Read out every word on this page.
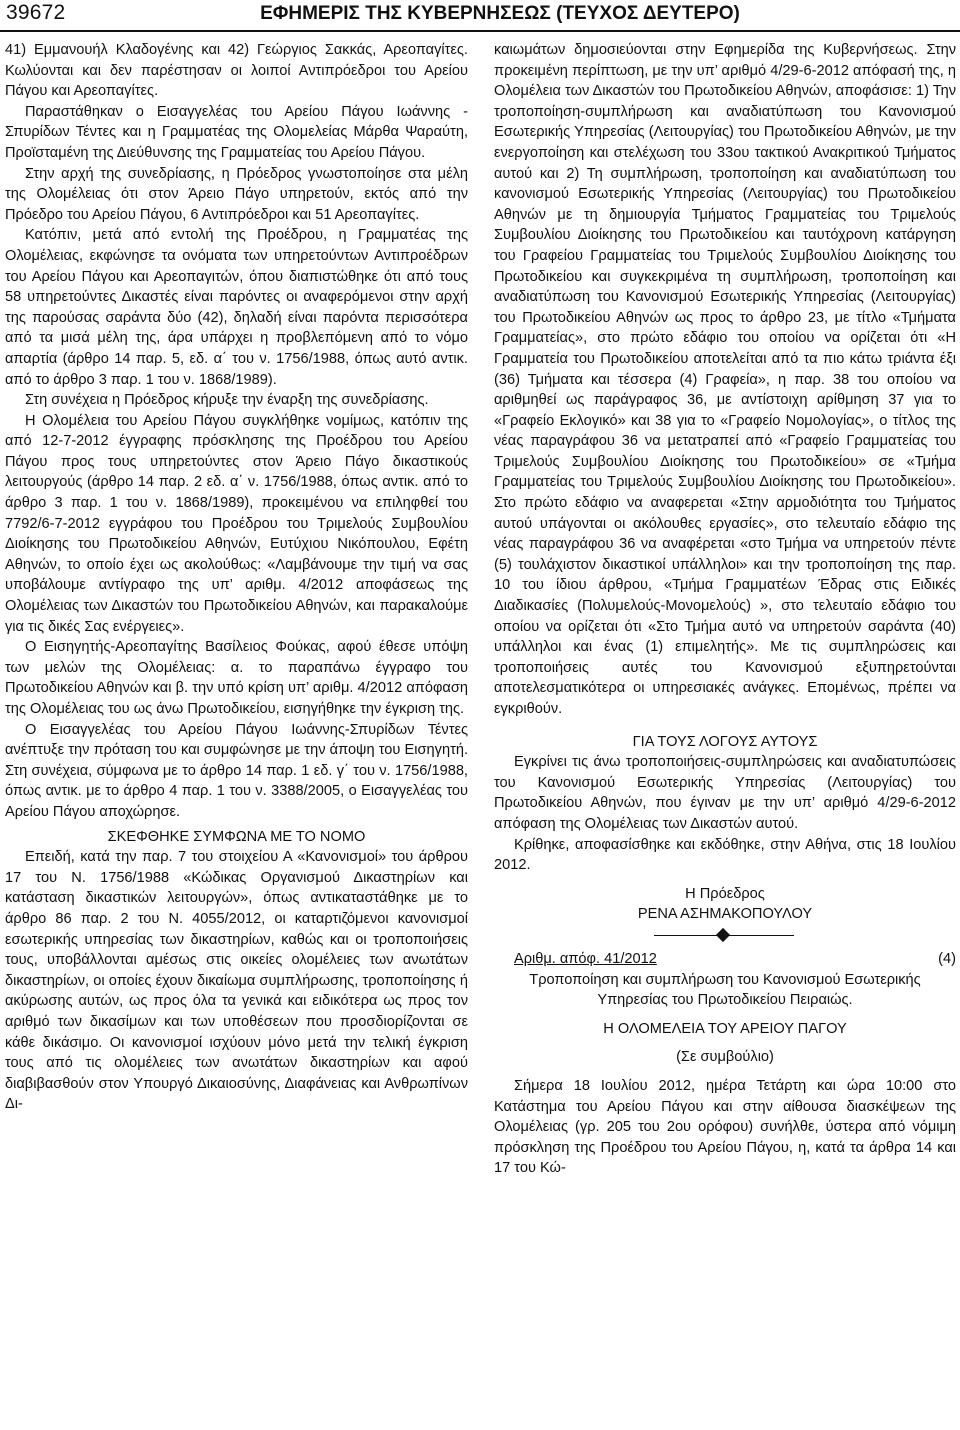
39672	ΕΦΗΜΕΡΙΣ ΤΗΣ ΚΥΒΕΡΝΗΣΕΩΣ (ΤΕΥΧΟΣ ΔΕΥΤΕΡΟ)

41) Εμμανουήλ Κλαδογένης και 42) Γεώργιος Σακκάς, Αρεοπαγίτες. Κωλύονται και δεν παρέστησαν οι λοιποί Αντιπρόεδροι του Αρείου Πάγου και Αρεοπαγίτες.

Παραστάθηκαν ο Εισαγγελέας του Αρείου Πάγου Ιωάννης - Σπυρίδων Τέντες και η Γραμματέας της Ολομελείας Μάρθα Ψαραύτη, Προϊσταμένη της Διεύθυνσης της Γραμματείας του Αρείου Πάγου.

Στην αρχή της συνεδρίασης, η Πρόεδρος γνωστοποίησε στα μέλη της Ολομέλειας ότι στον Άρειο Πάγο υπηρετούν, εκτός από την Πρόεδρο του Αρείου Πάγου, 6 Αντιπρόεδροι και 51 Αρεοπαγίτες.

Κατόπιν, μετά από εντολή της Προέδρου, η Γραμματέας της Ολομέλειας, εκφώνησε τα ονόματα των υπηρετούντων Αντιπροέδρων του Αρείου Πάγου και Αρεοπαγιτών, όπου διαπιστώθηκε ότι από τους 58 υπηρετούντες Δικαστές είναι παρόντες οι αναφερόμενοι στην αρχή της παρούσας σαράντα δύο (42), δηλαδή είναι παρόντα περισσότερα από τα μισά μέλη της, άρα υπάρχει η προβλεπόμενη από το νόμο απαρτία (άρθρο 14 παρ. 5, εδ. α΄ του ν. 1756/1988, όπως αυτό αντικ. από το άρθρο 3 παρ. 1 του ν. 1868/1989).

Στη συνέχεια η Πρόεδρος κήρυξε την έναρξη της συνεδρίασης.

Η Ολομέλεια του Αρείου Πάγου συγκλήθηκε νομίμως, κατόπιν της από 12-7-2012 έγγραφης πρόσκλησης της Προέδρου του Αρείου Πάγου προς τους υπηρετούντες στον Άρειο Πάγο δικαστικούς λειτουργούς (άρθρο 14 παρ. 2 εδ. α΄ ν. 1756/1988, όπως αντικ. από το άρθρο 3 παρ. 1 του ν. 1868/1989), προκειμένου να επιληφθεί του 7792/6-7-2012 εγγράφου του Προέδρου του Τριμελούς Συμβουλίου Διοίκησης του Πρωτοδικείου Αθηνών, Ευτύχιου Νικόπουλου, Εφέτη Αθηνών, το οποίο έχει ως ακολούθως: «Λαμβάνουμε την τιμή να σας υποβάλουμε αντίγραφο της υπ’ αριθμ. 4/2012 αποφάσεως της Ολομέλειας των Δικαστών του Πρωτοδικείου Αθηνών, και παρακαλούμε για τις δικές Σας ενέργειες».

Ο Εισηγητής-Αρεοπαγίτης Βασίλειος Φούκας, αφού έθεσε υπόψη των μελών της Ολομέλειας: α. το παραπάνω έγγραφο του Πρωτοδικείου Αθηνών και β. την υπό κρίση υπ’ αριθμ. 4/2012 απόφαση της Ολομέλειας του ως άνω Πρωτοδικείου, εισηγήθηκε την έγκριση της.

Ο Εισαγγελέας του Αρείου Πάγου Ιωάννης-Σπυρίδων Τέντες ανέπτυξε την πρόταση του και συμφώνησε με την άποψη του Εισηγητή. Στη συνέχεια, σύμφωνα με το άρθρο 14 παρ. 1 εδ. γ΄ του ν. 1756/1988, όπως αντικ. με το άρθρο 4 παρ. 1 του ν. 3388/2005, ο Εισαγγελέας του Αρείου Πάγου αποχώρησε.

ΣΚΕΦΘΗΚΕ ΣΥΜΦΩΝΑ ΜΕ ΤΟ ΝΟΜΟ

Επειδή, κατά την παρ. 7 του στοιχείου Α «Κανονισμοί» του άρθρου 17 του Ν. 1756/1988 «Κώδικας Οργανισμού Δικαστηρίων και κατάσταση δικαστικών λειτουργών», όπως αντικαταστάθηκε με το άρθρο 86 παρ. 2 του Ν. 4055/2012, οι καταρτιζόμενοι κανονισμοί εσωτερικής υπηρεσίας των δικαστηρίων, καθώς και οι τροποποιήσεις τους, υποβάλλονται αμέσως στις οικείες ολομέλειες των ανωτάτων δικαστηρίων, οι οποίες έχουν δικαίωμα συμπλήρωσης, τροποποίησης ή ακύρωσης αυτών, ως προς όλα τα γενικά και ειδικότερα ως προς τον αριθμό των δικασίμων και των υποθέσεων που προσδιορίζονται σε κάθε δικάσιμο. Οι κανονισμοί ισχύουν μόνο μετά την τελική έγκριση τους από τις ολομέλειες των ανωτάτων δικαστηρίων και αφού διαβιβασθούν στον Υπουργό Δικαιοσύνης, Διαφάνειας και Ανθρωπίνων Δι-

καιωμάτων δημοσιεύονται στην Εφημερίδα της Κυβερνήσεως. Στην προκειμένη περίπτωση, με την υπ’ αριθμό 4/29-6-2012 απόφασή της, η Ολομέλεια των Δικαστών του Πρωτοδικείου Αθηνών, αποφάσισε: 1) Την τροποποίηση-συμπλήρωση και αναδιατύπωση του Κανονισμού Εσωτερικής Υπηρεσίας (Λειτουργίας) του Πρωτοδικείου Αθηνών, με την ενεργοποίηση και στελέχωση του 33ου τακτικού Ανακριτικού Τμήματος αυτού και 2) Τη συμπλήρωση, τροποποίηση και αναδιατύπωση του κανονισμού Εσωτερικής Υπηρεσίας (Λειτουργίας) του Πρωτοδικείου Αθηνών με τη δημιουργία Τμήματος Γραμματείας του Τριμελούς Συμβουλίου Διοίκησης του Πρωτοδικείου και ταυτόχρονη κατάργηση του Γραφείου Γραμματείας του Τριμελούς Συμβουλίου Διοίκησης του Πρωτοδικείου και συγκεκριμένα τη συμπλήρωση, τροποποίηση και αναδιατύπωση του Κανονισμού Εσωτερικής Υπηρεσίας (Λειτουργίας) του Πρωτοδικείου Αθηνών ως προς το άρθρο 23, με τίτλο «Τμήματα Γραμματείας», στο πρώτο εδάφιο του οποίου να ορίζεται ότι «Η Γραμματεία του Πρωτοδικείου αποτελείται από τα πιο κάτω τριάντα έξι (36) Τμήματα και τέσσερα (4) Γραφεία», η παρ. 38 του οποίου να αριθμηθεί ως παράγραφος 36, με αντίστοιχη αρίθμηση 37 για το «Γραφείο Εκλογικό» και 38 για το «Γραφείο Νομολογίας», ο τίτλος της νέας παραγράφου 36 να μετατραπεί από «Γραφείο Γραμματείας του Τριμελούς Συμβουλίου Διοίκησης του Πρωτοδικείου» σε «Τμήμα Γραμματείας του Τριμελούς Συμβουλίου Διοίκησης του Πρωτοδικείου». Στο πρώτο εδάφιο να αναφερεται «Στην αρμοδιότητα του Τμήματος αυτού υπάγονται οι ακόλουθες εργασίες», στο τελευταίο εδάφιο της νέας παραγράφου 36 να αναφέρεται «στο Τμήμα να υπηρετούν πέντε (5) τουλάχιστον δικαστικοί υπάλληλοι» και την τροποποίηση της παρ. 10 του ίδιου άρθρου, «Τμήμα Γραμματέων Έδρας στις Ειδικές Διαδικασίες (Πολυμελούς-Μονομελούς) », στο τελευταίο εδάφιο του οποίου να ορίζεται ότι «Στο Τμήμα αυτό να υπηρετούν σαράντα (40) υπάλληλοι και ένας (1) επιμελητής». Με τις συμπληρώσεις και τροποποιήσεις αυτές του Κανονισμού εξυπηρετούνται αποτελεσματικότερα οι υπηρεσιακές ανάγκες. Επομένως, πρέπει να εγκριθούν.

ΓΙΑ ΤΟΥΣ ΛΟΓΟΥΣ ΑΥΤΟΥΣ

Εγκρίνει τις άνω τροποποιήσεις-συμπληρώσεις και αναδιατυπώσεις του Κανονισμού Εσωτερικής Υπηρεσίας (Λειτουργίας) του Πρωτοδικείου Αθηνών, που έγιναν με την υπ’ αριθμό 4/29-6-2012 απόφαση της Ολομέλειας των Δικαστών αυτού.

Κρίθηκε, αποφασίσθηκε και εκδόθηκε, στην Αθήνα, στις 18 Ιουλίου 2012.

Η Πρόεδρος

ΡΕΝΑ ΑΣΗΜΑΚΟΠΟΥΛΟΥ

Αριθμ. απόφ. 41/2012	(4)

Τροποποίηση και συμπλήρωση του Κανονισμού Εσωτερικής Υπηρεσίας του Πρωτοδικείου Πειραιώς.

Η ΟΛΟΜΕΛΕΙΑ ΤΟΥ ΑΡΕΙΟΥ ΠΑΓΟΥ

(Σε συμβούλιο)

Σήμερα 18 Ιουλίου 2012, ημέρα Τετάρτη και ώρα 10:00 στο Κατάστημα του Αρείου Πάγου και στην αίθουσα διασκέψεων της Ολομέλειας (γρ. 205 του 2ου ορόφου) συνήλθε, ύστερα από νόμιμη πρόσκληση της Προέδρου του Αρείου Πάγου, η, κατά τα άρθρα 14 και 17 του Κώ-
